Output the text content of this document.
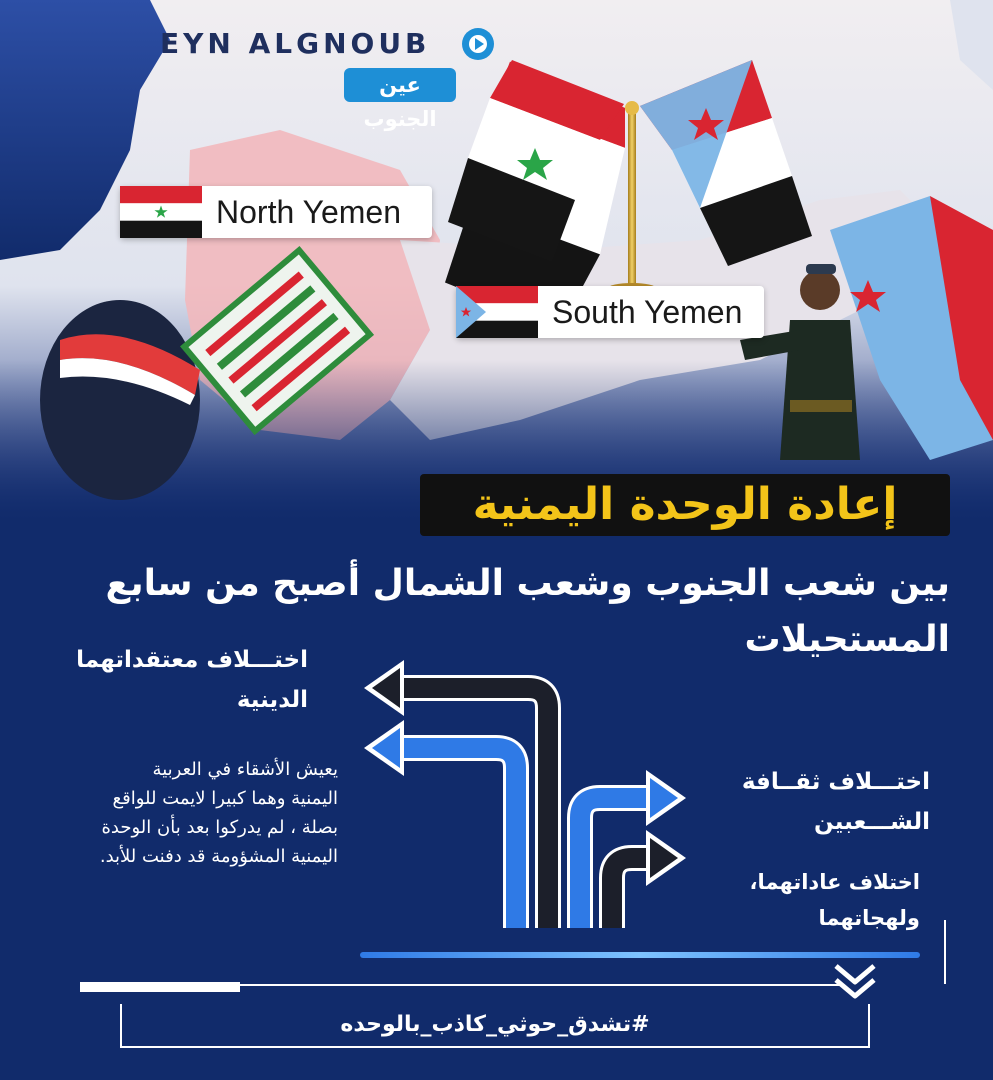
EYN ALGNOUB
عين الجنوب
North Yemen
South Yemen
إعادة الوحدة اليمنية
بين شعب الجنوب وشعب الشمال أصبح من سابع المستحيلات
اختـــلاف معتقداتهما
الدينية
يعيش الأشقاء في العربية
اليمنية وهما كبيرا لايمت للواقع
بصلة ، لم يدركوا بعد بأن الوحدة
اليمنية المشؤومة قد دفنت للأبد.
اختـــلاف ثقــافة
الشـــعبين
اختلاف عاداتهما،
ولهجاتهما
#تشدق_حوثي_كاذب_بالوحده
